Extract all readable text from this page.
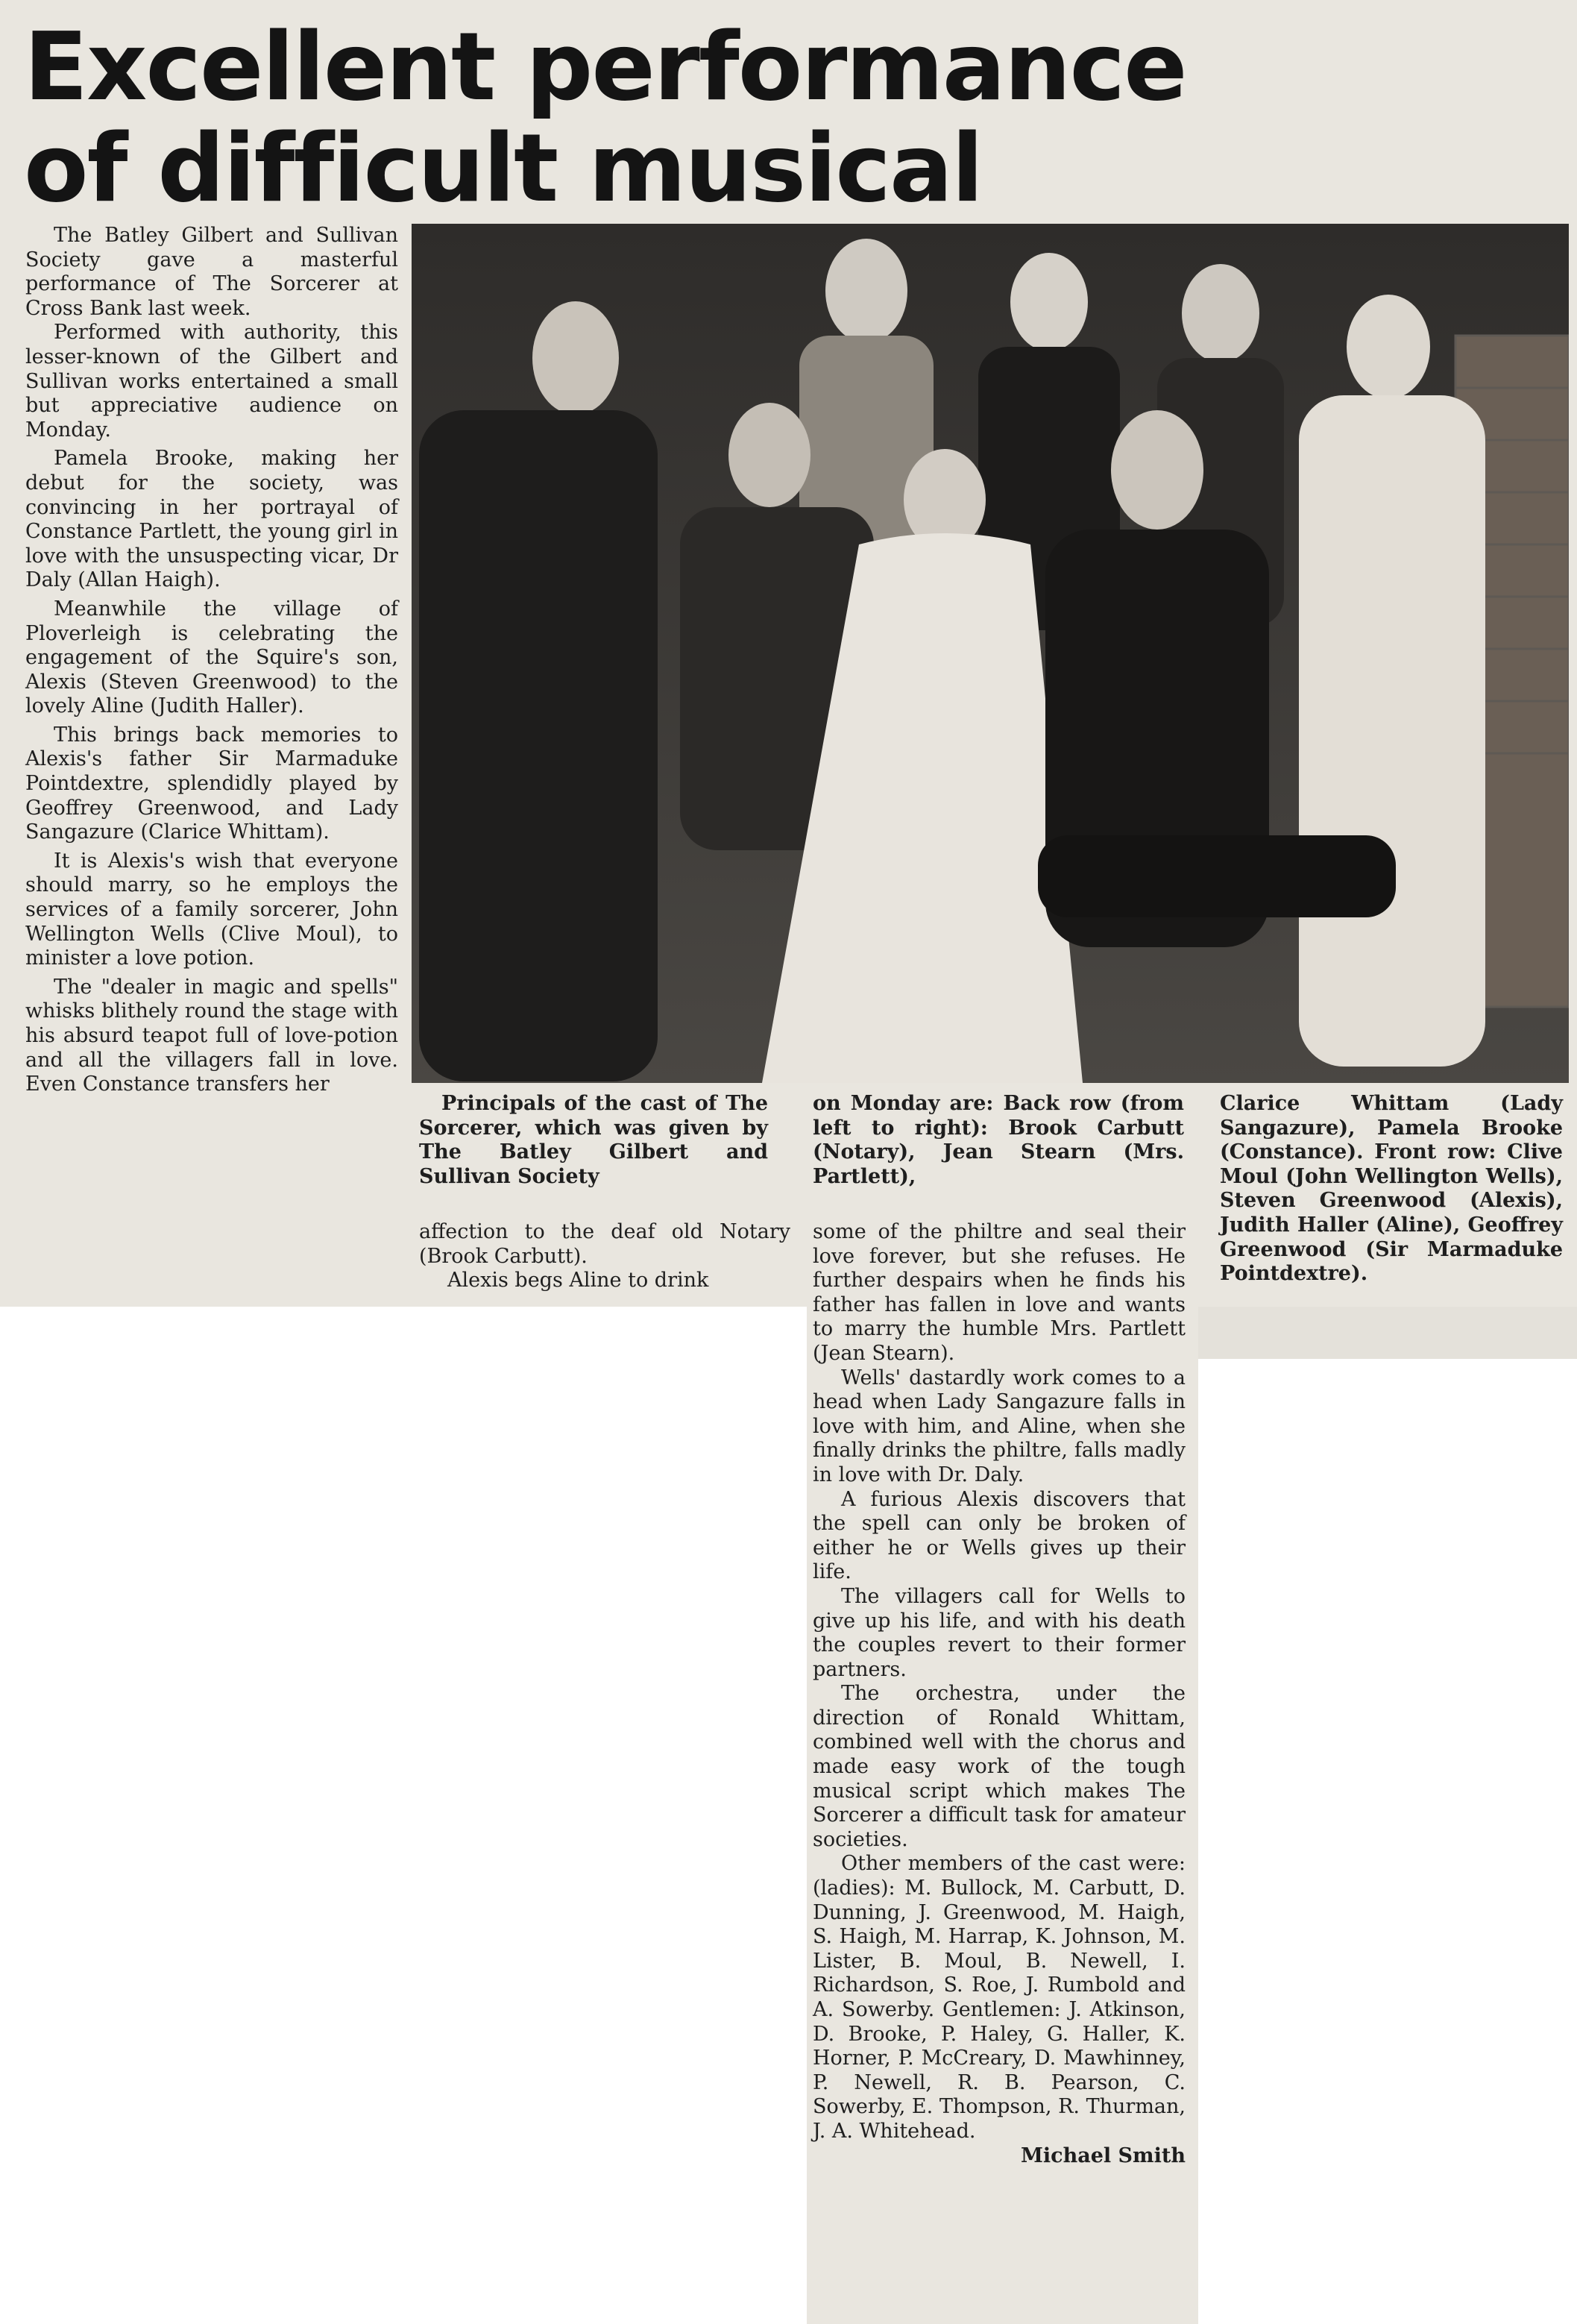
Excellent performance
of difficult musical

The Batley Gilbert and Sullivan Society gave a masterful performance of The Sorcerer at Cross Bank last week.

Performed with authority, this lesser-known of the Gilbert and Sullivan works entertained a small but appreciative audience on Monday.

Pamela Brooke, making her debut for the society, was convincing in her portrayal of Constance Partlett, the young girl in love with the unsuspecting vicar, Dr Daly (Allan Haigh).

Meanwhile the village of Ploverleigh is celebrating the engagement of the Squire's son, Alexis (Steven Greenwood) to the lovely Aline (Judith Haller).

This brings back memories to Alexis's father Sir Marmaduke Pointdextre, splendidly played by Geoffrey Greenwood, and Lady Sangazure (Clarice Whittam).

It is Alexis's wish that everyone should marry, so he employs the services of a family sorcerer, John Wellington Wells (Clive Moul), to minister a love potion.

The "dealer in magic and spells" whisks blithely round the stage with his absurd teapot full of love-potion and all the villagers fall in love. Even Constance transfers her

Principals of the cast of The Sorcerer, which was given by The Batley Gilbert and Sullivan Society

affection to the deaf old Notary (Brook Carbutt).

Alexis begs Aline to drink

on Monday are: Back row (from left to right): Brook Carbutt (Notary), Jean Stearn (Mrs. Partlett),

some of the philtre and seal their love forever, but she refuses. He further despairs when he finds his father has fallen in love and wants to marry the humble Mrs. Partlett (Jean Stearn).

Wells' dastardly work comes to a head when Lady Sangazure falls in love with him, and Aline, when she finally drinks the philtre, falls madly in love with Dr. Daly.

A furious Alexis discovers that the spell can only be broken of either he or Wells gives up their life.

The villagers call for Wells to give up his life, and with his death the couples revert to their former partners.

The orchestra, under the direction of Ronald Whittam, combined well with the chorus and made easy work of the tough musical script which makes The Sorcerer a difficult task for amateur societies.

Other members of the cast were: (ladies): M. Bullock, M. Carbutt, D. Dunning, J. Greenwood, M. Haigh, S. Haigh, M. Harrap, K. Johnson, M. Lister, B. Moul, B. Newell, I. Richardson, S. Roe, J. Rumbold and A. Sowerby. Gentlemen: J. Atkinson, D. Brooke, P. Haley, G. Haller, K. Horner, P. McCreary, D. Mawhinney, P. Newell, R. B. Pearson, C. Sowerby, E. Thompson, R. Thurman, J. A. Whitehead.

Michael Smith

Clarice Whittam (Lady Sangazure), Pamela Brooke (Constance). Front row: Clive Moul (John Wellington Wells), Steven Greenwood (Alexis), Judith Haller (Aline), Geoffrey Greenwood (Sir Marmaduke Pointdextre).
